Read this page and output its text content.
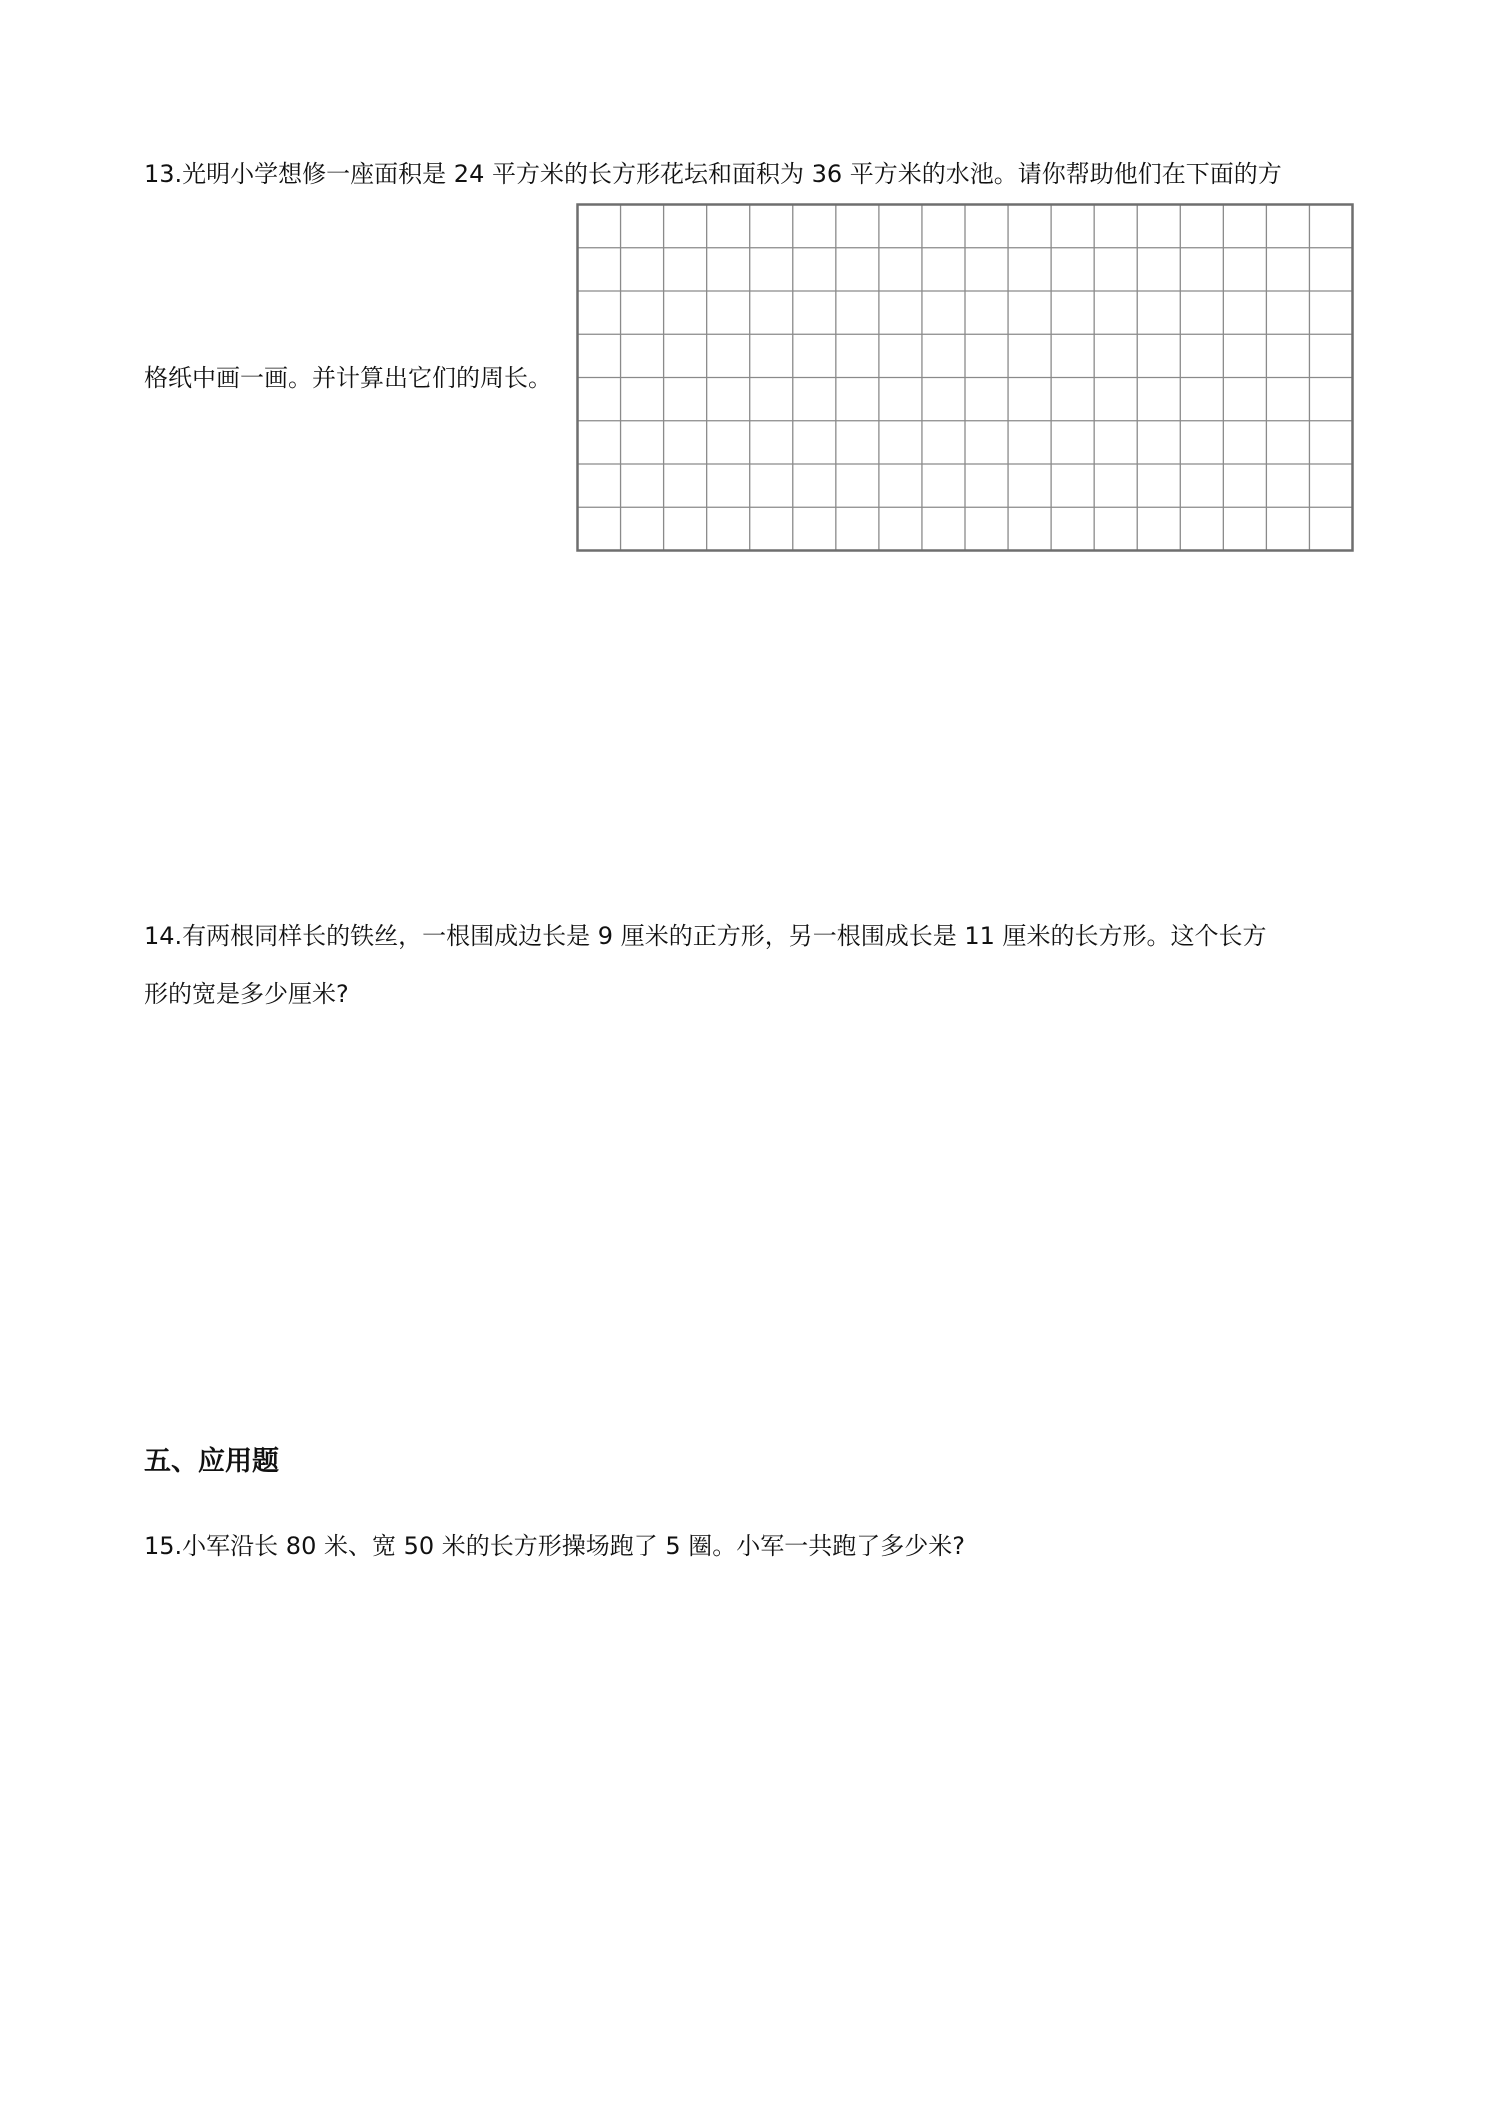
13.光明小学想修一座面积是 24 平方米的长方形花坛和面积为 36 平方米的水池。请你帮助他们在下面的方
格纸中画一画。并计算出它们的周长。
14.有两根同样长的铁丝，一根围成边长是 9 厘米的正方形，另一根围成长是 11 厘米的长方形。这个长方
形的宽是多少厘米?
五、应用题
15.小军沿长 80 米、宽 50 米的长方形操场跑了 5 圈。小军一共跑了多少米?
